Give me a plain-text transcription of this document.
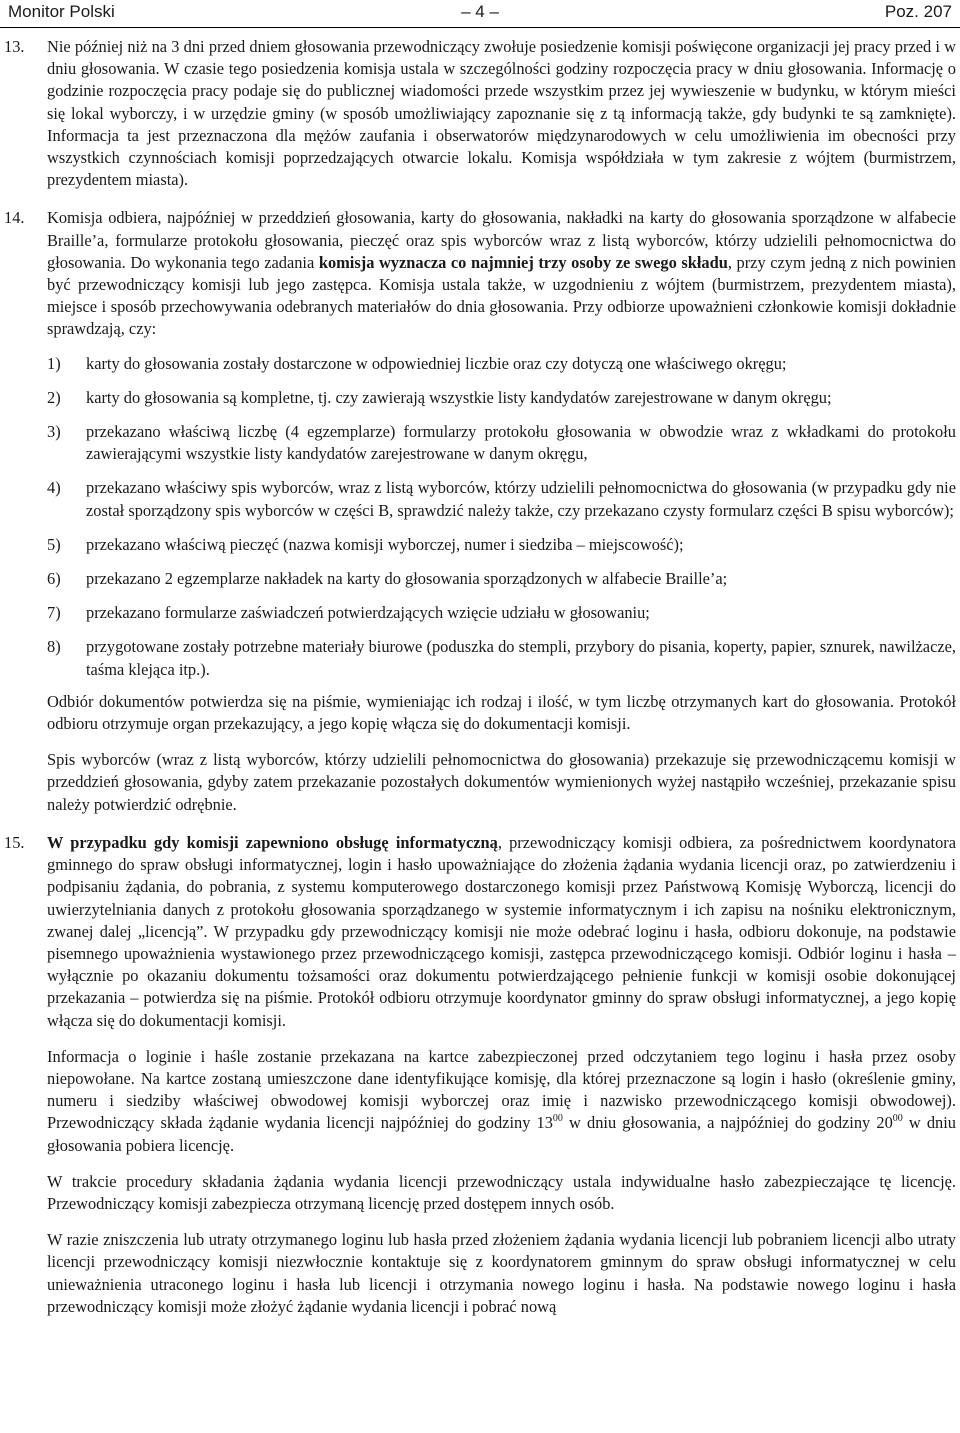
Monitor Polski	– 4 –	Poz. 207
13. Nie później niż na 3 dni przed dniem głosowania przewodniczący zwołuje posiedzenie komisji poświęcone organizacji jej pracy przed i w dniu głosowania. W czasie tego posiedzenia komisja ustala w szczególności godziny rozpoczęcia pracy w dniu głosowania. Informację o godzinie rozpoczęcia pracy podaje się do publicznej wiadomości przede wszystkim przez jej wywieszenie w budynku, w którym mieści się lokal wyborczy, i w urzędzie gminy (w sposób umożliwiający zapoznanie się z tą informacją także, gdy budynki te są zamknięte). Informacja ta jest przeznaczona dla mężów zaufania i obserwatorów międzynarodowych w celu umożliwienia im obecności przy wszystkich czynnościach komisji poprzedzających otwarcie lokalu. Komisja współdziała w tym zakresie z wójtem (burmistrzem, prezydentem miasta).
14. Komisja odbiera, najpóźniej w przeddzień głosowania, karty do głosowania, nakładki na karty do głosowania sporządzone w alfabecie Braille’a, formularze protokołu głosowania, pieczęć oraz spis wyborców wraz z listą wyborców, którzy udzielili pełnomocnictwa do głosowania. Do wykonania tego zadania komisja wyznacza co najmniej trzy osoby ze swego składu, przy czym jedną z nich powinien być przewodniczący komisji lub jego zastępca. Komisja ustala także, w uzgodnieniu z wójtem (burmistrzem, prezydentem miasta), miejsce i sposób przechowywania odebranych materiałów do dnia głosowania. Przy odbiorze upoważnieni członkowie komisji dokładnie sprawdzają, czy:
1) karty do głosowania zostały dostarczone w odpowiedniej liczbie oraz czy dotyczą one właściwego okręgu;
2) karty do głosowania są kompletne, tj. czy zawierają wszystkie listy kandydatów zarejestrowane w danym okręgu;
3) przekazano właściwą liczbę (4 egzemplarze) formularzy protokołu głosowania w obwodzie wraz z wkładkami do protokołu zawierającymi wszystkie listy kandydatów zarejestrowane w danym okręgu,
4) przekazano właściwy spis wyborców, wraz z listą wyborców, którzy udzielili pełnomocnictwa do głosowania (w przypadku gdy nie został sporządzony spis wyborców w części B, sprawdzić należy także, czy przekazano czysty formularz części B spisu wyborców);
5) przekazano właściwą pieczęć (nazwa komisji wyborczej, numer i siedziba – miejscowość);
6) przekazano 2 egzemplarze nakładek na karty do głosowania sporządzonych w alfabecie Braille’a;
7) przekazano formularze zaświadczeń potwierdzających wzięcie udziału w głosowaniu;
8) przygotowane zostały potrzebne materiały biurowe (poduszka do stempli, przybory do pisania, koperty, papier, sznurek, nawilżacze, taśma klejąca itp.).
Odbiór dokumentów potwierdza się na piśmie, wymieniając ich rodzaj i ilość, w tym liczbę otrzymanych kart do głosowania. Protokół odbioru otrzymuje organ przekazujący, a jego kopię włącza się do dokumentacji komisji.
Spis wyborców (wraz z listą wyborców, którzy udzielili pełnomocnictwa do głosowania) przekazuje się przewodniczącemu komisji w przeddzień głosowania, gdyby zatem przekazanie pozostałych dokumentów wymienionych wyżej nastąpiło wcześniej, przekazanie spisu należy potwierdzić odrębnie.
15. W przypadku gdy komisji zapewniono obsługę informatyczną, przewodniczący komisji odbiera, za pośrednictwem koordynatora gminnego do spraw obsługi informatycznej, login i hasło upoważniające do złożenia żądania wydania licencji oraz, po zatwierdzeniu i podpisaniu żądania, do pobrania, z systemu komputerowego dostarczonego komisji przez Państwową Komisję Wyborczą, licencji do uwierzytelniania danych z protokołu głosowania sporządzanego w systemie informatycznym i ich zapisu na nośniku elektronicznym, zwanej dalej „licencją”. W przypadku gdy przewodniczący komisji nie może odebrać loginu i hasła, odbioru dokonuje, na podstawie pisemnego upoważnienia wystawionego przez przewodniczącego komisji, zastępca przewodniczącego komisji. Odbiór loginu i hasła – wyłącznie po okazaniu dokumentu tożsamości oraz dokumentu potwierdzającego pełnienie funkcji w komisji osobie dokonującej przekazania – potwierdza się na piśmie. Protokół odbioru otrzymuje koordynator gminny do spraw obsługi informatycznej, a jego kopię włącza się do dokumentacji komisji.
Informacja o loginie i haśle zostanie przekazana na kartce zabezpieczonej przed odczytaniem tego loginu i hasła przez osoby niepowołane. Na kartce zostaną umieszczone dane identyfikujące komisję, dla której przeznaczone są login i hasło (określenie gminy, numeru i siedziby właściwej obwodowej komisji wyborczej oraz imię i nazwisko przewodniczącego komisji obwodowej). Przewodniczący składa żądanie wydania licencji najpóźniej do godziny $13^{00}$ w dniu głosowania, a najpóźniej do godziny $20^{00}$ w dniu głosowania pobiera licencję.
W trakcie procedury składania żądania wydania licencji przewodniczący ustala indywidualne hasło zabezpieczające tę licencję. Przewodniczący komisji zabezpiecza otrzymaną licencję przed dostępem innych osób.
W razie zniszczenia lub utraty otrzymanego loginu lub hasła przed złożeniem żądania wydania licencji lub pobraniem licencji albo utraty licencji przewodniczący komisji niezwłocznie kontaktuje się z koordynatorem gminnym do spraw obsługi informatycznej w celu unieważnienia utraconego loginu i hasła lub licencji i otrzymania nowego loginu i hasła. Na podstawie nowego loginu i hasła przewodniczący komisji może złożyć żądanie wydania licencji i pobrać nową
